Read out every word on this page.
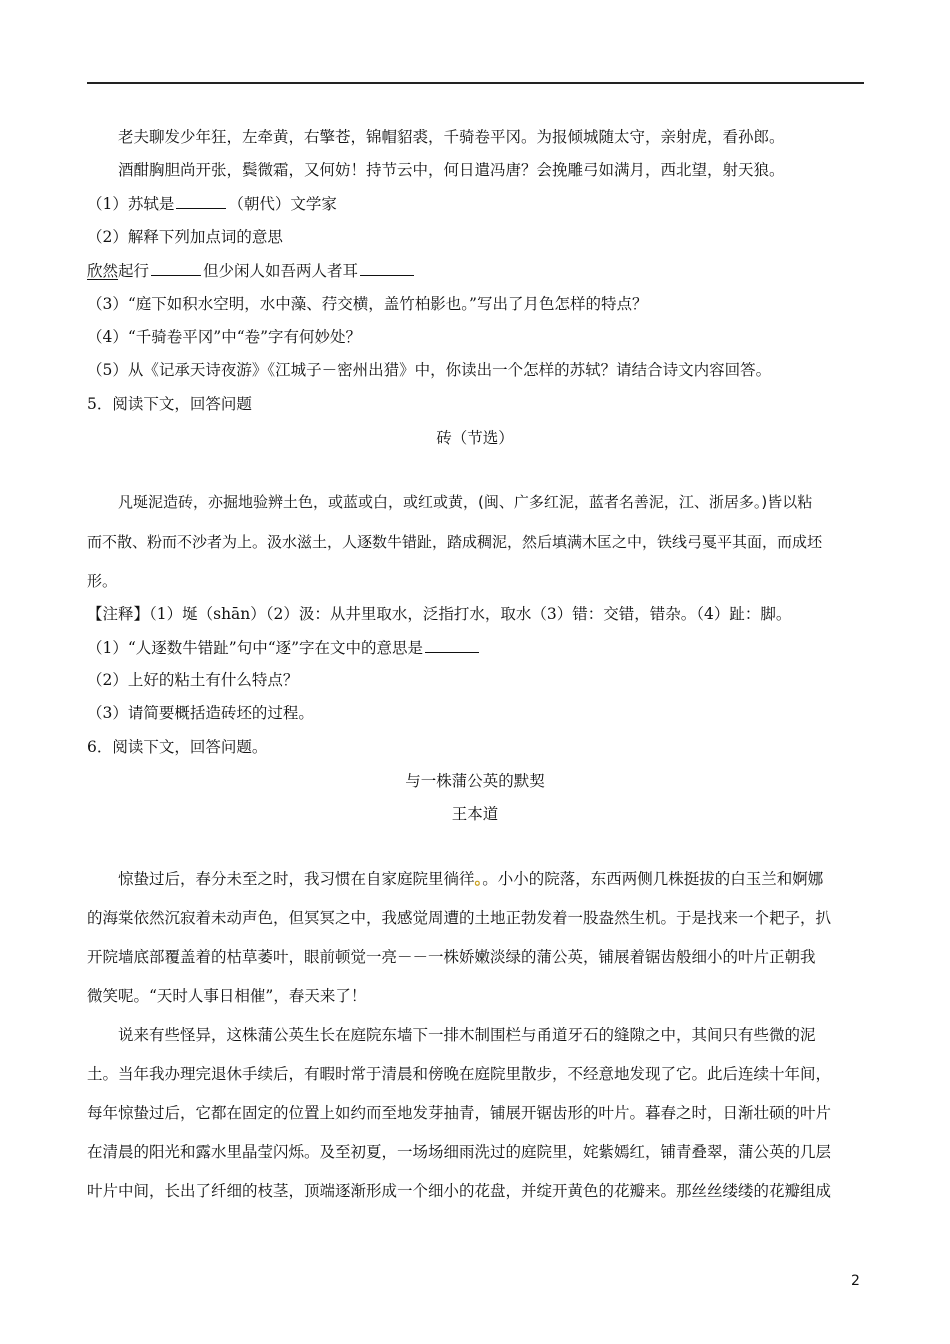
老夫聊发少年狂，左牵黄，右擎苍，锦帽貂裘，千骑卷平冈。为报倾城随太守，亲射虎，看孙郎。
酒酣胸胆尚开张，鬓微霜，又何妨！持节云中，何日遣冯唐？会挽雕弓如满月，西北望，射天狼。
（1）苏轼是	（朝代）文学家
（2）解释下列加点词的意思
欣然起行	但少闲人如吾两人者耳
（3）“庭下如积水空明，水中藻、荇交横，盖竹柏影也。”写出了月色怎样的特点？
（4）“千骑卷平冈”中“卷”字有何妙处？
（5）从《记承天诗夜游》《江城子－密州出猎》中，你读出一个怎样的苏轼？请结合诗文内容回答。
5．阅读下文，回答问题
砖（节选）
凡埏泥造砖，亦掘地验辨土色，或蓝或白，或红或黄，(闽、广多红泥，蓝者名善泥，江、浙居多。)皆以粘
而不散、粉而不沙者为上。汲水滋土，人逐数牛错趾，踏成稠泥，然后填满木匡之中，铁线弓戛平其面，而成坯
形。
【注释】（1）埏（shān）（2）汲：从井里取水，泛指打水，取水（3）错：交错，错杂。（4）趾：脚。
（1）“人逐数牛错趾”句中“逐”字在文中的意思是
（2）上好的粘土有什么特点？
（3）请简要概括造砖坯的过程。
6．阅读下文，回答问题。
与一株蒲公英的默契
王本道
惊蛰过后，春分未至之时，我习惯在自家庭院里徜徉。。小小的院落，东西两侧几株挺拔的白玉兰和婀娜
的海棠依然沉寂着未动声色，但冥冥之中，我感觉周遭的土地正勃发着一股盎然生机。于是找来一个耙子，扒
开院墙底部覆盖着的枯草萎叶，眼前顿觉一亮－－一株娇嫩淡绿的蒲公英，铺展着锯齿般细小的叶片正朝我
微笑呢。“天时人事日相催”，春天来了！
说来有些怪异，这株蒲公英生长在庭院东墙下一排木制围栏与甬道牙石的缝隙之中，其间只有些微的泥
土。当年我办理完退休手续后，有暇时常于清晨和傍晚在庭院里散步，不经意地发现了它。此后连续十年间，
每年惊蛰过后，它都在固定的位置上如约而至地发芽抽青，铺展开锯齿形的叶片。暮春之时，日渐壮硕的叶片
在清晨的阳光和露水里晶莹闪烁。及至初夏，一场场细雨洗过的庭院里，姹紫嫣红，铺青叠翠，蒲公英的几层
叶片中间，长出了纤细的枝茎，顶端逐渐形成一个细小的花盘，并绽开黄色的花瓣来。那丝丝缕缕的花瓣组成
2
